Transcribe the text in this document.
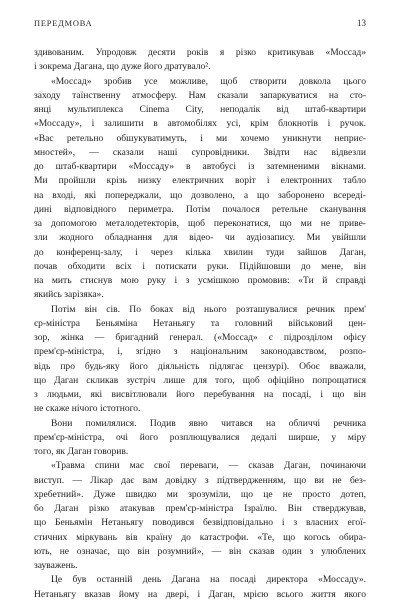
ПЕРЕДМОВА	13
здивованим. Упродовж десяти років я різко критикував «Моссад»
і зокрема Дагана, що дуже його дратувало².
«Моссад» зробив усе можливе, щоб створити довкола цього
заходу таїнственну атмосферу. Нам сказали запаркуватися на сто-
янці мультиплекса Cinema City, неподалік від штаб-квартири
«Моссаду», і залишити в автомобілях усі, крім блокнотів і ручок.
«Вас ретельно обшукуватимуть, і ми хочемо уникнути неприє-
мностей», — сказали наші супровідники. Звідти нас відвезли
до штаб-квартири «Моссаду» в автобусі із затемненими вікнами.
Ми пройшли крізь низку електричних воріт і електронних табло
на вході, які попереджали, що дозволено, а що заборонено всереді-
дині відповідного периметра. Потім почалося ретельне сканування
за допомогою металодетекторів, щоб переконатися, що ми не приве-
зли жодного обладнання для відео- чи аудіозапису. Ми увійшли
до конференц-залу, і через кілька хвилин туди зайшов Даган,
почав обходити всіх і потискати руки. Підійшовши до мене, він
на мить стиснув мою руку і з усмішкою промовив: «Ти й справді
якийсь зарізяка».
Потім він сів. По боках від нього розташувалися речник прем'
єр-міністра Беньяміна Нетаньягу та головний військовий цен-
зор, жінка — бригадний генерал. («Моссад» є підрозділом офісу
прем'єр-міністра, і, згідно з національним законодавством, розпо-
відь про будь-яку його діяльність підлягає цензурі). Обоє вважали,
що Даган скликав зустріч лише для того, щоб офіційно попрощатися
з людьми, які висвітлювали його перебування на посаді, і що він
не скаже нічого істотного.
Вони помилялися. Подив явно читався на обличчі речника
прем'єр-міністра, очі його розплющувалися дедалі ширше, у міру
того, як Даган говорив.
«Травма спини має свої переваги, — сказав Даган, починаючи
виступ. — Лікар дає вам довідку з підтвердженням, що ви не без-
хребетний». Дуже швидко ми зрозуміли, що це не просто дотеп,
бо Даган різко атакував прем'єр-міністра Ізраїлю. Він стверджував,
що Беньямін Нетаньягу поводився безвідповідально і з власних егої-
стичних міркувань вів країну до катастрофи. «Те, що когось обира-
ють, не означає, що він розумний», — він сказав один з улюблених
зауважень.
Це був останній день Дагана на посаді директора «Моссаду».
Нетаньягу вказав йому на двері, і Даган, мрією всього життя якого
